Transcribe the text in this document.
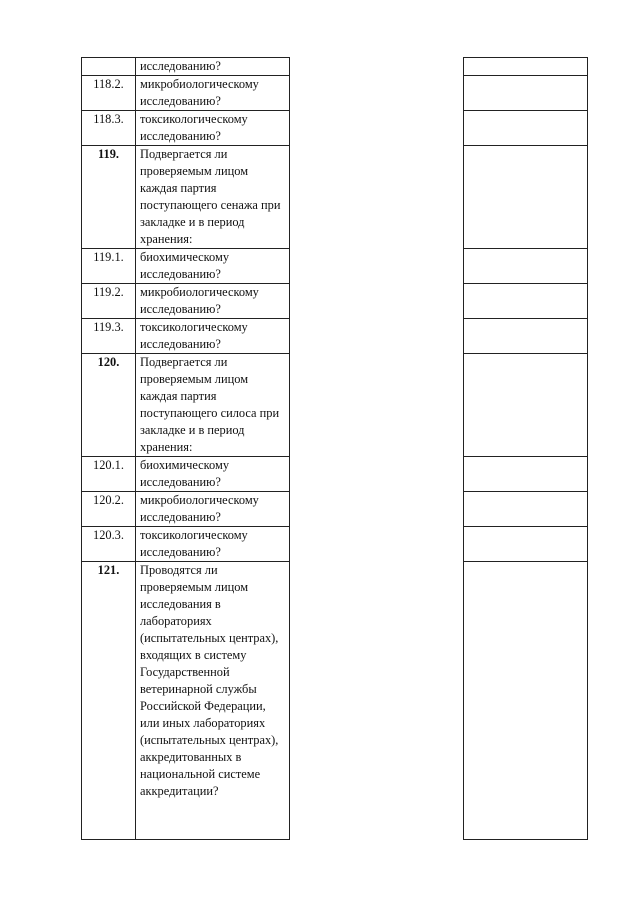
	исследованию?		
118.2.	микробиологическому исследованию?		
118.3.	токсикологическому исследованию?		
119.	Подвергается ли проверяемым лицом каждая партия поступающего сенажа при закладке и в период хранения:		
119.1.	биохимическому исследованию?		
119.2.	микробиологическому исследованию?		
119.3.	токсикологическому исследованию?		
120.	Подвергается ли проверяемым лицом каждая партия поступающего силоса при закладке и в период хранения:		
120.1.	биохимическому исследованию?		
120.2.	микробиологическому исследованию?		
120.3.	токсикологическому исследованию?		
121.	Проводятся ли проверяемым лицом исследования в лабораториях (испытательных центрах), входящих в систему Государственной ветеринарной службы Российской Федерации, или иных лабораториях (испытательных центрах), аккредитованных в национальной системе аккредитации?		
